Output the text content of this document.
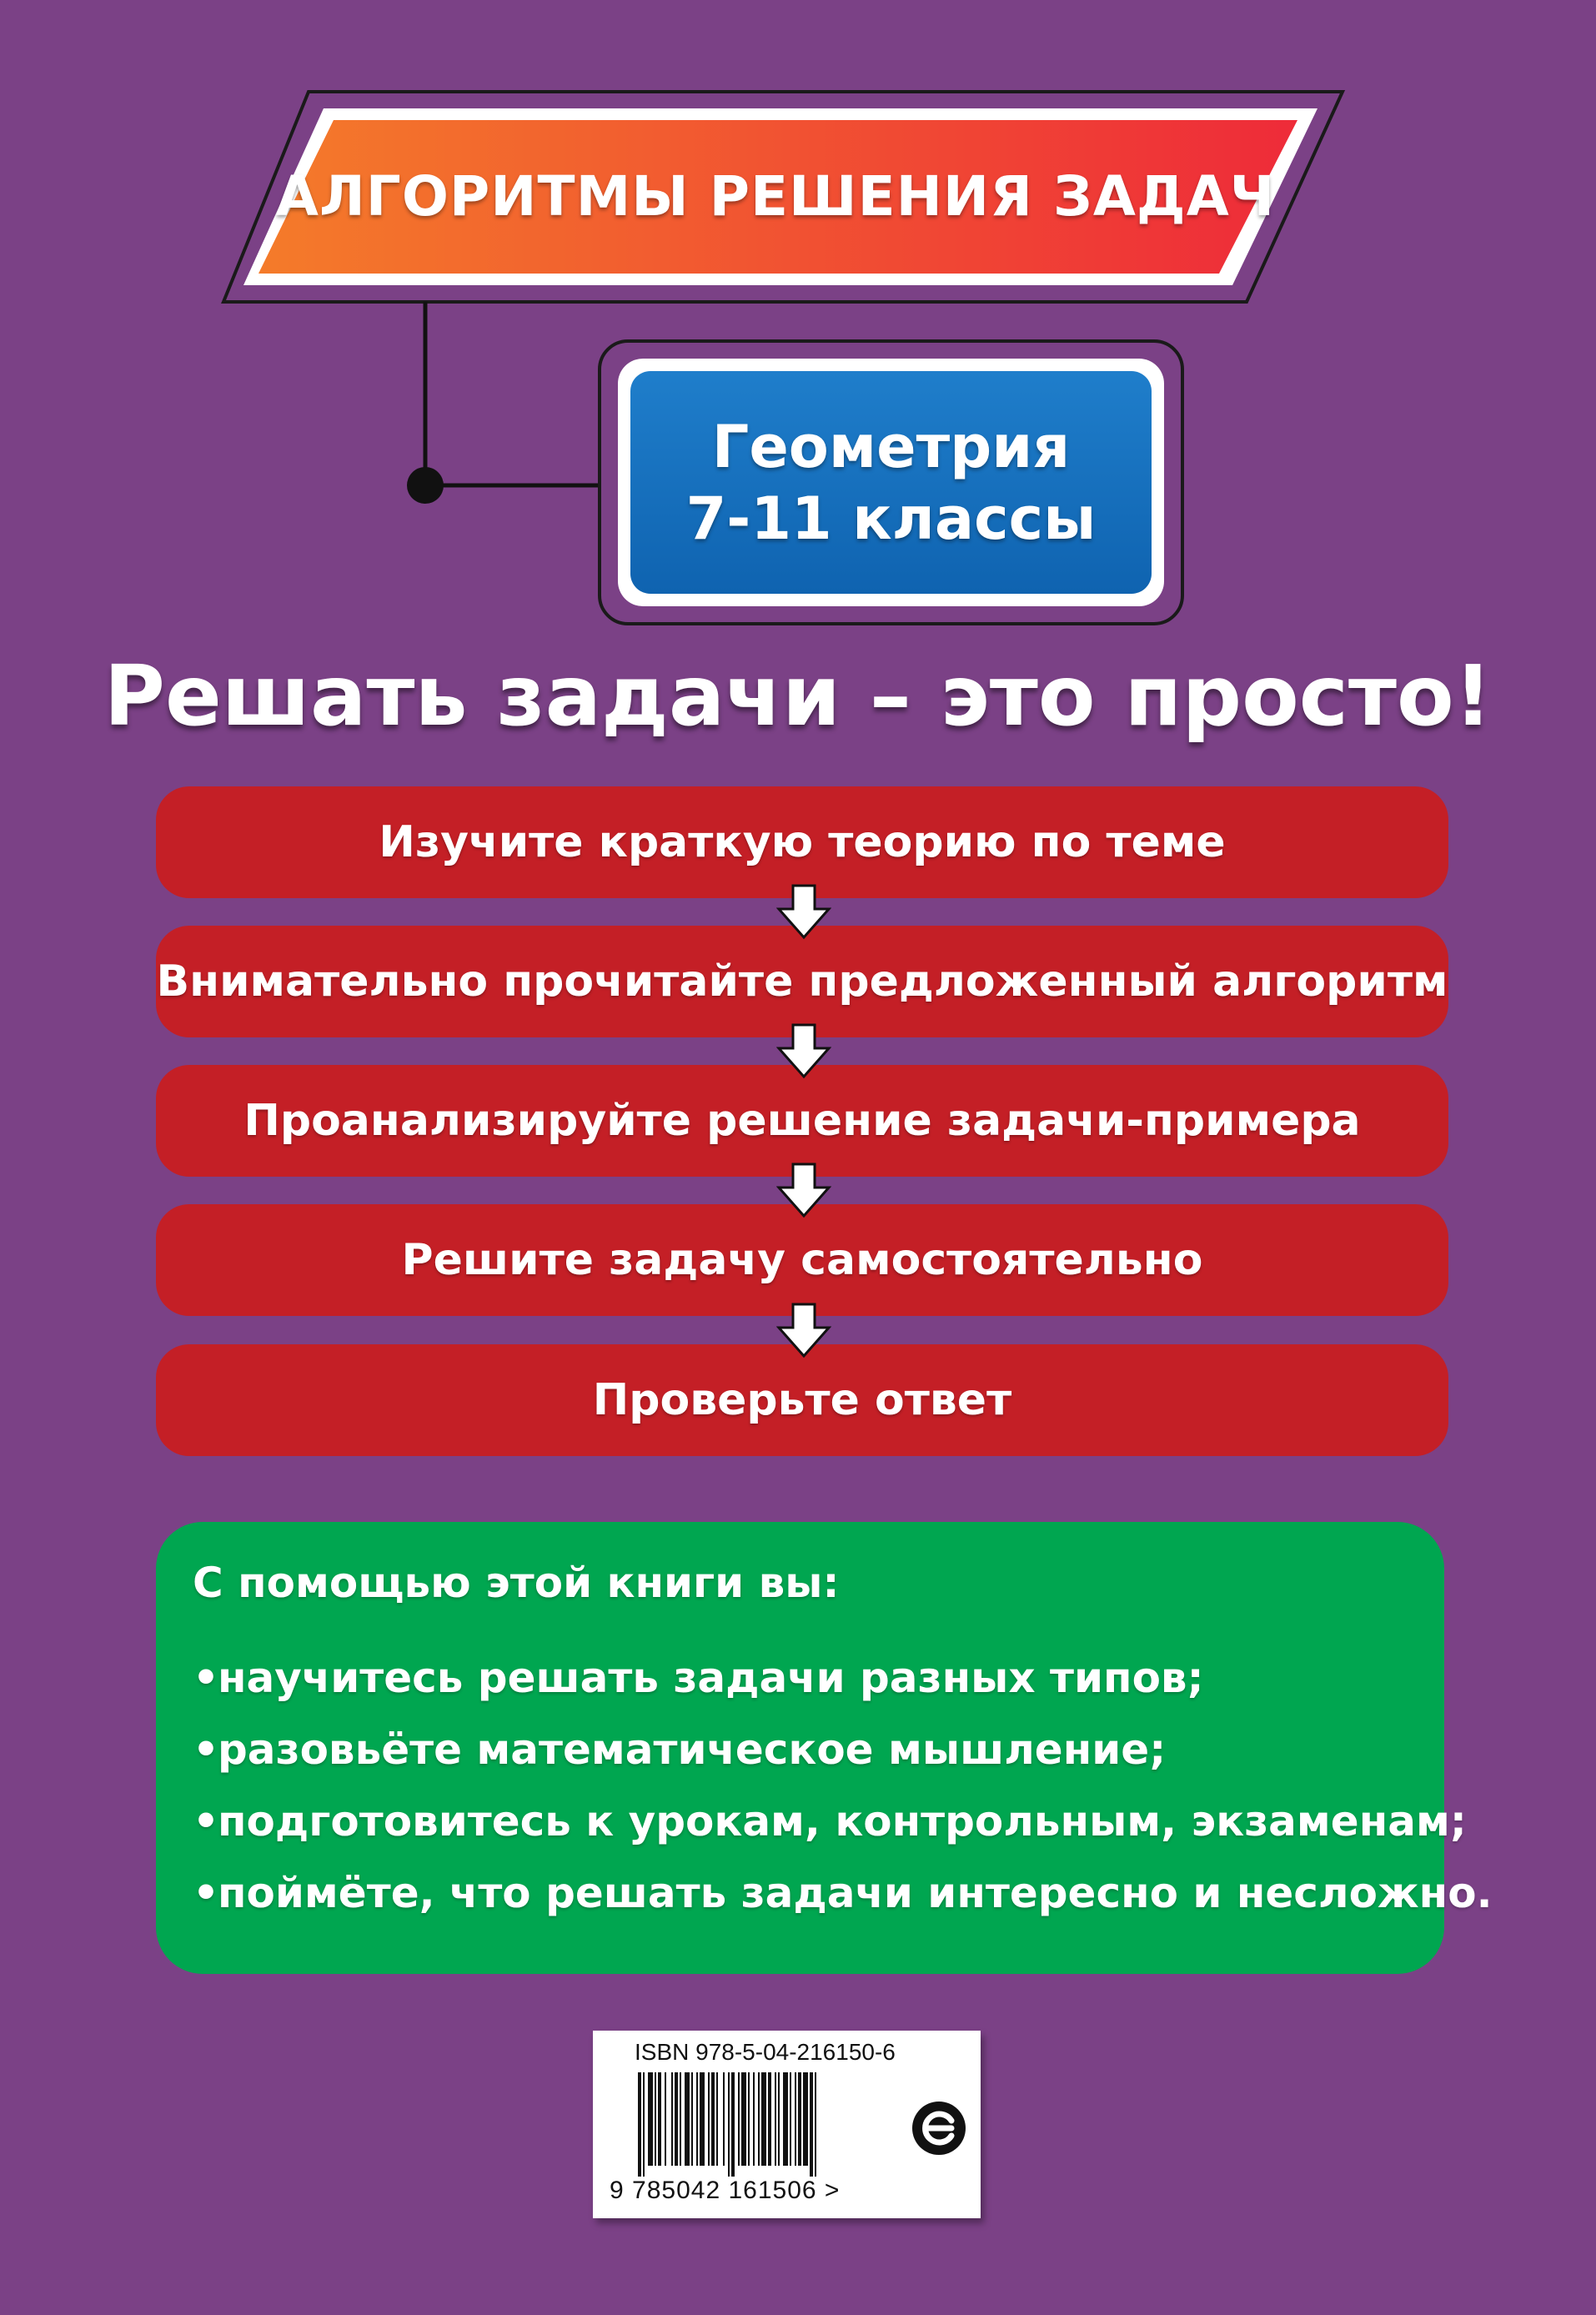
АЛГОРИТМЫ РЕШЕНИЯ ЗАДАЧ
Геометрия
7-11 классы
Решать задачи – это просто!
Изучите краткую теорию по теме
Внимательно прочитайте предложенный алгоритм
Проанализируйте решение задачи-примера
Решите задачу самостоятельно
Проверьте ответ
С помощью этой книги вы:
•научитесь решать задачи разных типов;
•разовьёте математическое мышление;
•подготовитесь к урокам, контрольным, экзаменам;
•поймёте, что решать задачи интересно и несложно.
ISBN 978-5-04-216150-6
9 785042 161506 >
